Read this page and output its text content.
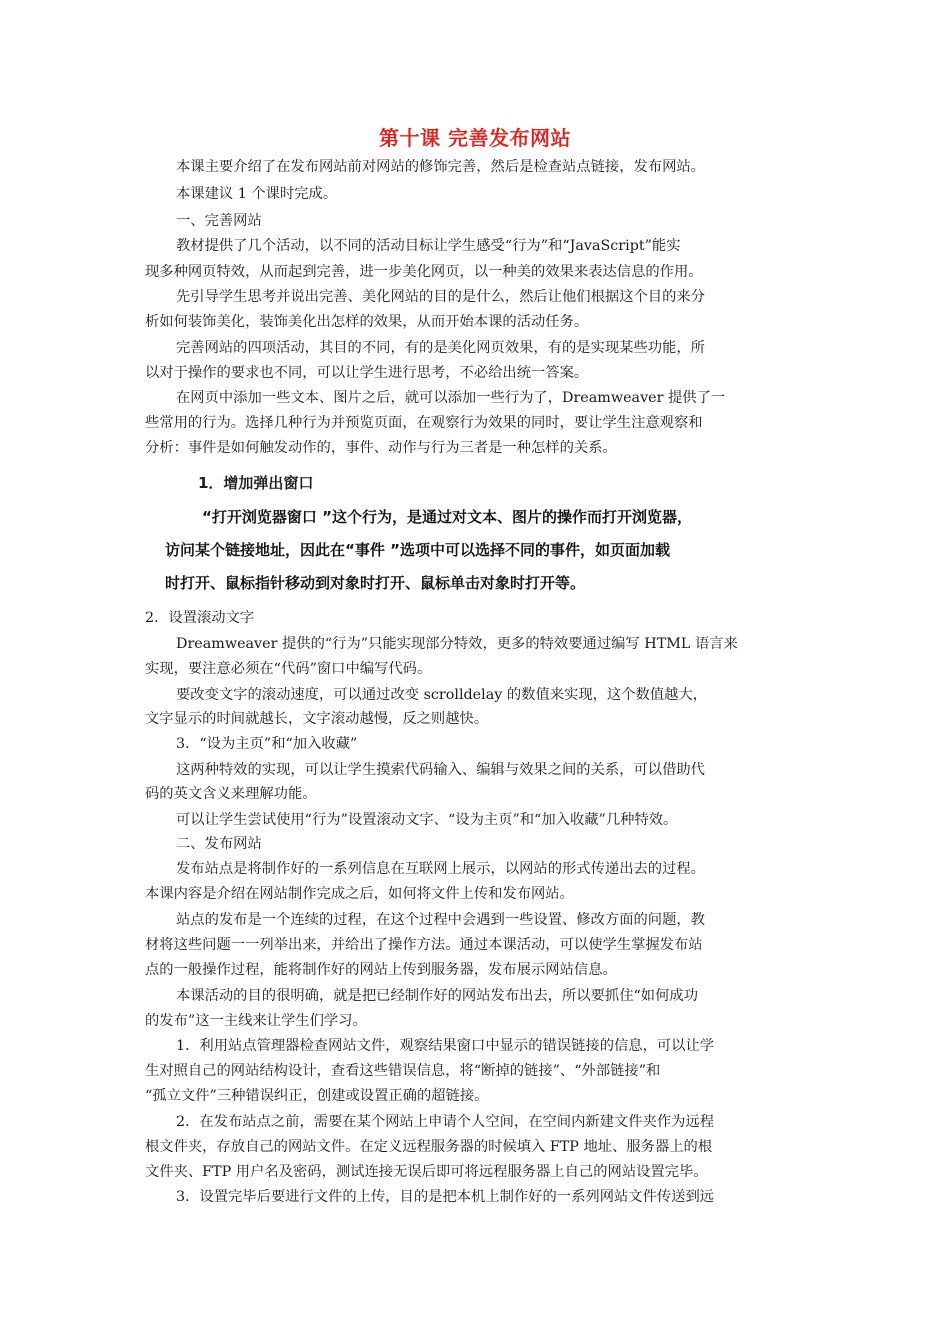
第十课 完善发布网站
本课主要介绍了在发布网站前对网站的修饰完善，然后是检查站点链接，发布网站。
本课建议 1 个课时完成。
一、完善网站
教材提供了几个活动，以不同的活动目标让学生感受“行为”和“JavaScript”能实
现多种网页特效，从而起到完善，进一步美化网页，以一种美的效果来表达信息的作用。
先引导学生思考并说出完善、美化网站的目的是什么，然后让他们根据这个目的来分
析如何装饰美化，装饰美化出怎样的效果，从而开始本课的活动任务。
完善网站的四项活动，其目的不同，有的是美化网页效果，有的是实现某些功能，所
以对于操作的要求也不同，可以让学生进行思考，不必给出统一答案。
在网页中添加一些文本、图片之后，就可以添加一些行为了，Dreamweaver 提供了一
些常用的行为。选择几种行为并预览页面，在观察行为效果的同时，要让学生注意观察和
分析：事件是如何触发动作的，事件、动作与行为三者是一种怎样的关系。
1．增加弹出窗口
“打开浏览器窗口 ”这个行为，是通过对文本、图片的操作而打开浏览器，
访问某个链接地址，因此在“事件 ”选项中可以选择不同的事件，如页面加载
时打开、鼠标指针移动到对象时打开、鼠标单击对象时打开等。
2．设置滚动文字
Dreamweaver 提供的“行为”只能实现部分特效，更多的特效要通过编写 HTML 语言来
实现，要注意必须在“代码”窗口中编写代码。
要改变文字的滚动速度，可以通过改变 scrolldelay 的数值来实现，这个数值越大，
文字显示的时间就越长，文字滚动越慢，反之则越快。
3．“设为主页”和“加入收藏”
这两种特效的实现，可以让学生摸索代码输入、编辑与效果之间的关系，可以借助代
码的英文含义来理解功能。
可以让学生尝试使用“行为”设置滚动文字、“设为主页”和“加入收藏”几种特效。
二、发布网站
发布站点是将制作好的一系列信息在互联网上展示，以网站的形式传递出去的过程。
本课内容是介绍在网站制作完成之后，如何将文件上传和发布网站。
站点的发布是一个连续的过程，在这个过程中会遇到一些设置、修改方面的问题，教
材将这些问题一一列举出来，并给出了操作方法。通过本课活动，可以使学生掌握发布站
点的一般操作过程，能将制作好的网站上传到服务器，发布展示网站信息。
本课活动的目的很明确，就是把已经制作好的网站发布出去，所以要抓住“如何成功
的发布”这一主线来让学生们学习。
1．利用站点管理器检查网站文件，观察结果窗口中显示的错误链接的信息，可以让学
生对照自己的网站结构设计，查看这些错误信息，将“断掉的链接”、“外部链接”和
“孤立文件”三种错误纠正，创建或设置正确的超链接。
2．在发布站点之前，需要在某个网站上申请个人空间，在空间内新建文件夹作为远程
根文件夹，存放自己的网站文件。在定义远程服务器的时候填入 FTP 地址、服务器上的根
文件夹、FTP 用户名及密码，测试连接无误后即可将远程服务器上自己的网站设置完毕。
3．设置完毕后要进行文件的上传，目的是把本机上制作好的一系列网站文件传送到远
